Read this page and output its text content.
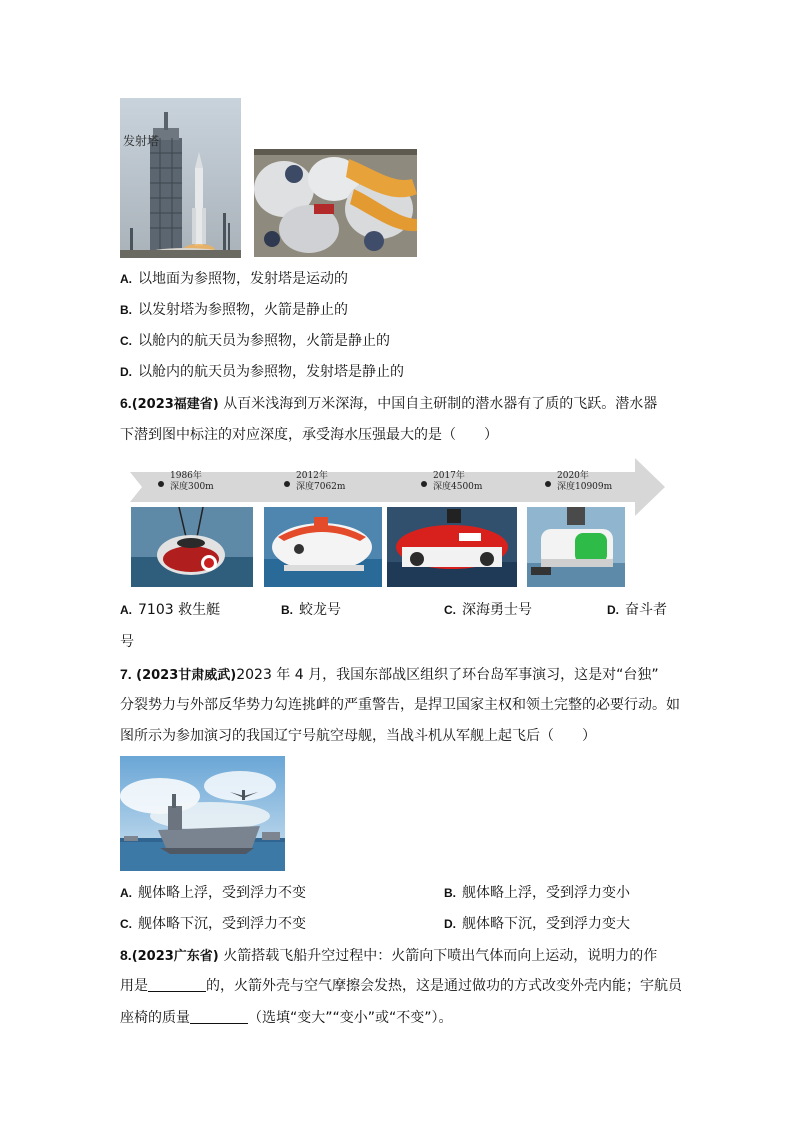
发射塔
A. 以地面为参照物，发射塔是运动的
B. 以发射塔为参照物，火箭是静止的
C. 以舱内的航天员为参照物，火箭是静止的
D. 以舱内的航天员为参照物，发射塔是静止的
6.(2023福建省) 从百米浅海到万米深海，中国自主研制的潜水器有了质的飞跃。潜水器
下潜到图中标注的对应深度，承受海水压强最大的是（　　）
1986年
深度300m
2012年
深度7062m
2017年
深度4500m
2020年
深度10909m
A. 7103 救生艇	B. 蛟龙号	C. 深海勇士号	D. 奋斗者
号
7. (2023甘肃威武)2023 年 4 月，我国东部战区组织了环台岛军事演习，这是对“台独”
分裂势力与外部反华势力勾连挑衅的严重警告，是捍卫国家主权和领土完整的必要行动。如
图所示为参加演习的我国辽宁号航空母舰，当战斗机从军舰上起飞后（　　）
A. 舰体略上浮，受到浮力不变	B. 舰体略上浮，受到浮力变小
C. 舰体略下沉，受到浮力不变	D. 舰体略下沉，受到浮力变大
8.(2023广东省) 火箭搭载飞船升空过程中：火箭向下喷出气体而向上运动，说明力的作
用是	的，火箭外壳与空气摩擦会发热，这是通过做功的方式改变外壳内能；宇航员
座椅的质量	（选填“变大”“变小”或“不变”）。
